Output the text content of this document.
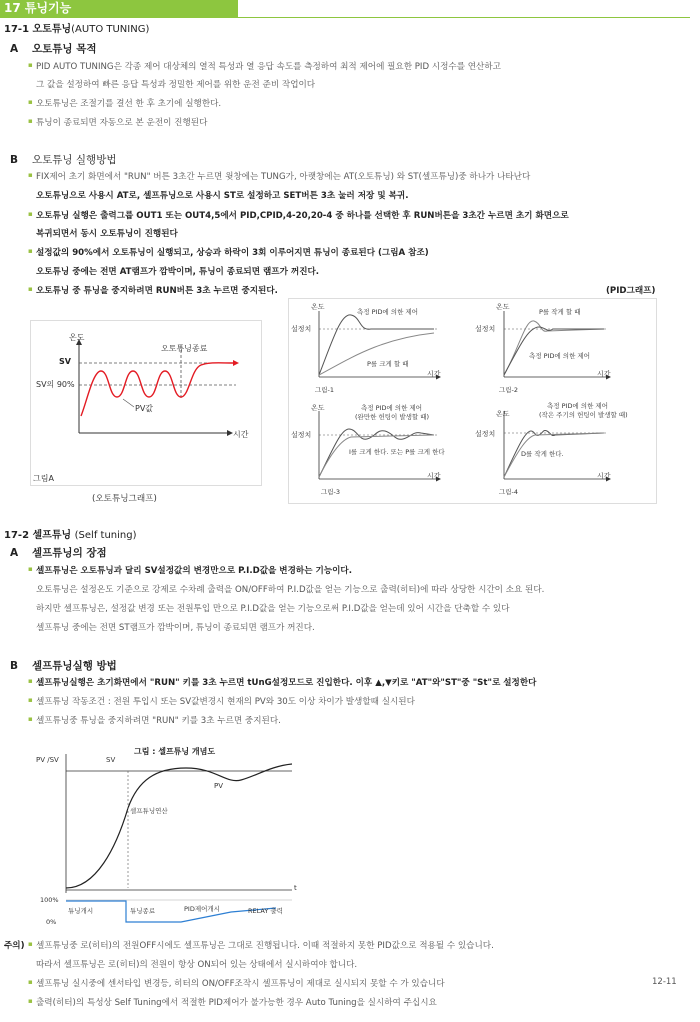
17 튜닝기능
17-1 오토튜닝(AUTO TUNING)
A 오토튜닝 목적
▪ PID AUTO TUNING은 각종 제어 대상체의 열적 특성과 열 응답 속도를 측정하여 최적 제어에 필요한 PID 시정수를 연산하고
그 값을 설정하여 빠른 응답 특성과 정밀한 제어를 위한 운전 준비 작업이다
▪ 오토튜닝은 조절기를 결선 한 후 초기에 실행한다.
▪ 튜닝이 종료되면 자동으로 본 운전이 진행된다
B 오토튜닝 실행방법
▪ FIX제어 초기 화면에서 "RUN" 버튼 3초간 누르면 윗창에는 TUNG가, 아랫창에는 AT(오토튜닝) 와 ST(셀프튜닝)중 하나가 나타난다
오토튜닝으로 사용시 AT로, 셀프튜닝으로 사용시 ST로 설정하고 SET버튼 3초 눌러 저장 및 복귀.
▪ 오토튜닝 실행은 출력그룹 OUT1 또는 OUT4,5에서 PID,CPID,4-20,20-4 중 하나를 선택한 후 RUN버튼을 3초간 누르면 초기 화면으로
복귀되면서 동시 오토튜닝이 진행된다
▪ 설정값의 90%에서 오토튜닝이 실행되고, 상승과 하락이 3회 이루어지면 튜닝이 종료된다 (그림A 참조)
오토튜닝 중에는 전면 AT램프가 깜박이며, 튜닝이 종료되면 램프가 꺼진다.
▪ 오토튜닝 중 튜닝을 중지하려면 RUN버튼 3초 누르면 중지된다.	(PID그래프)
온도
오토튜닝종료
SV
SV의 90%
PV값
시간
그림A
(오토튜닝그래프)
온도
설정치
측정 PID에 의한 제어
P를 크게 할 때
시간
그림-1
온도
설정치
P를 작게 할 때
측정 PID에 의한 제어
시간
그림-2
온도
설정치
측정 PID에 의한 제어
(완만한 헌팅이 발생할 때)
I를 크게 한다. 또는 P를 크게 한다
시간
그림-3
온도
설정치
측정 PID에 의한 제어
(작은 주기의 헌팅이 발생할 때)
D를 작게 한다.
시간
그림-4
17-2 셀프튜닝 (Self tuning)
A 셀프튜닝의 장점
▪ 셀프튜닝은 오토튜닝과 달리 SV설정값의 변경만으로 P.I.D값을 변경하는 기능이다.
오토튜닝은 설정온도 기준으로 강제로 수차례 출력을 ON/OFF하여 P.I.D값을 얻는 기능으로 출력(히터)에 따라 상당한 시간이 소요 된다.
하지만 셀프튜닝은, 설정값 변경 또는 전원투입 만으로 P.I.D값을 얻는 기능으로써 P.I.D값을 얻는데 있어 시간을 단축할 수 있다
셀프튜닝 중에는 전면 ST램프가 깜박이며, 튜닝이 종료되면 램프가 꺼진다.
B 셀프튜닝실행 방법
▪ 셀프튜닝실행은 초기화면에서 "RUN" 키를 3초 누르면 tUnG설정모드로 진입한다. 이후 ▲,▼키로 "AT"와"ST"중 "St"로 설정한다
▪ 셀프튜닝 작동조건 : 전원 투입시 또는 SV값변경시 현재의 PV와 30도 이상 차이가 발생할때 실시된다
▪ 셀프튜닝중 튜닝을 중지하려면 "RUN" 키를 3초 누르면 중지된다.
그림 : 셀프튜닝 개념도
PV /SV	SV
PV
셀프튜닝연산
t
100%
0%
튜닝개시	튜닝종료	PID제어개시	RELAY 출력
주의)
▪ 셀프튜닝중 로(히터)의 전원OFF시에도 셀프튜닝은 그대로 진행됩니다. 이때 적절하지 못한 PID값으로 적용될 수 있습니다.
따라서 셀프튜닝은 로(히터)의 전원이 항상 ON되어 있는 상태에서 실시하여야 합니다.
▪ 셀프튜닝 실시중에 센서타입 변경등, 히터의 ON/OFF조작시 셀프튜닝이 제대로 실시되지 못할 수 가 있습니다
▪ 출력(히터)의 특성상 Self Tuning에서 적절한 PID제어가 불가능한 경우 Auto Tuning을 실시하여 주십시요
12-11
